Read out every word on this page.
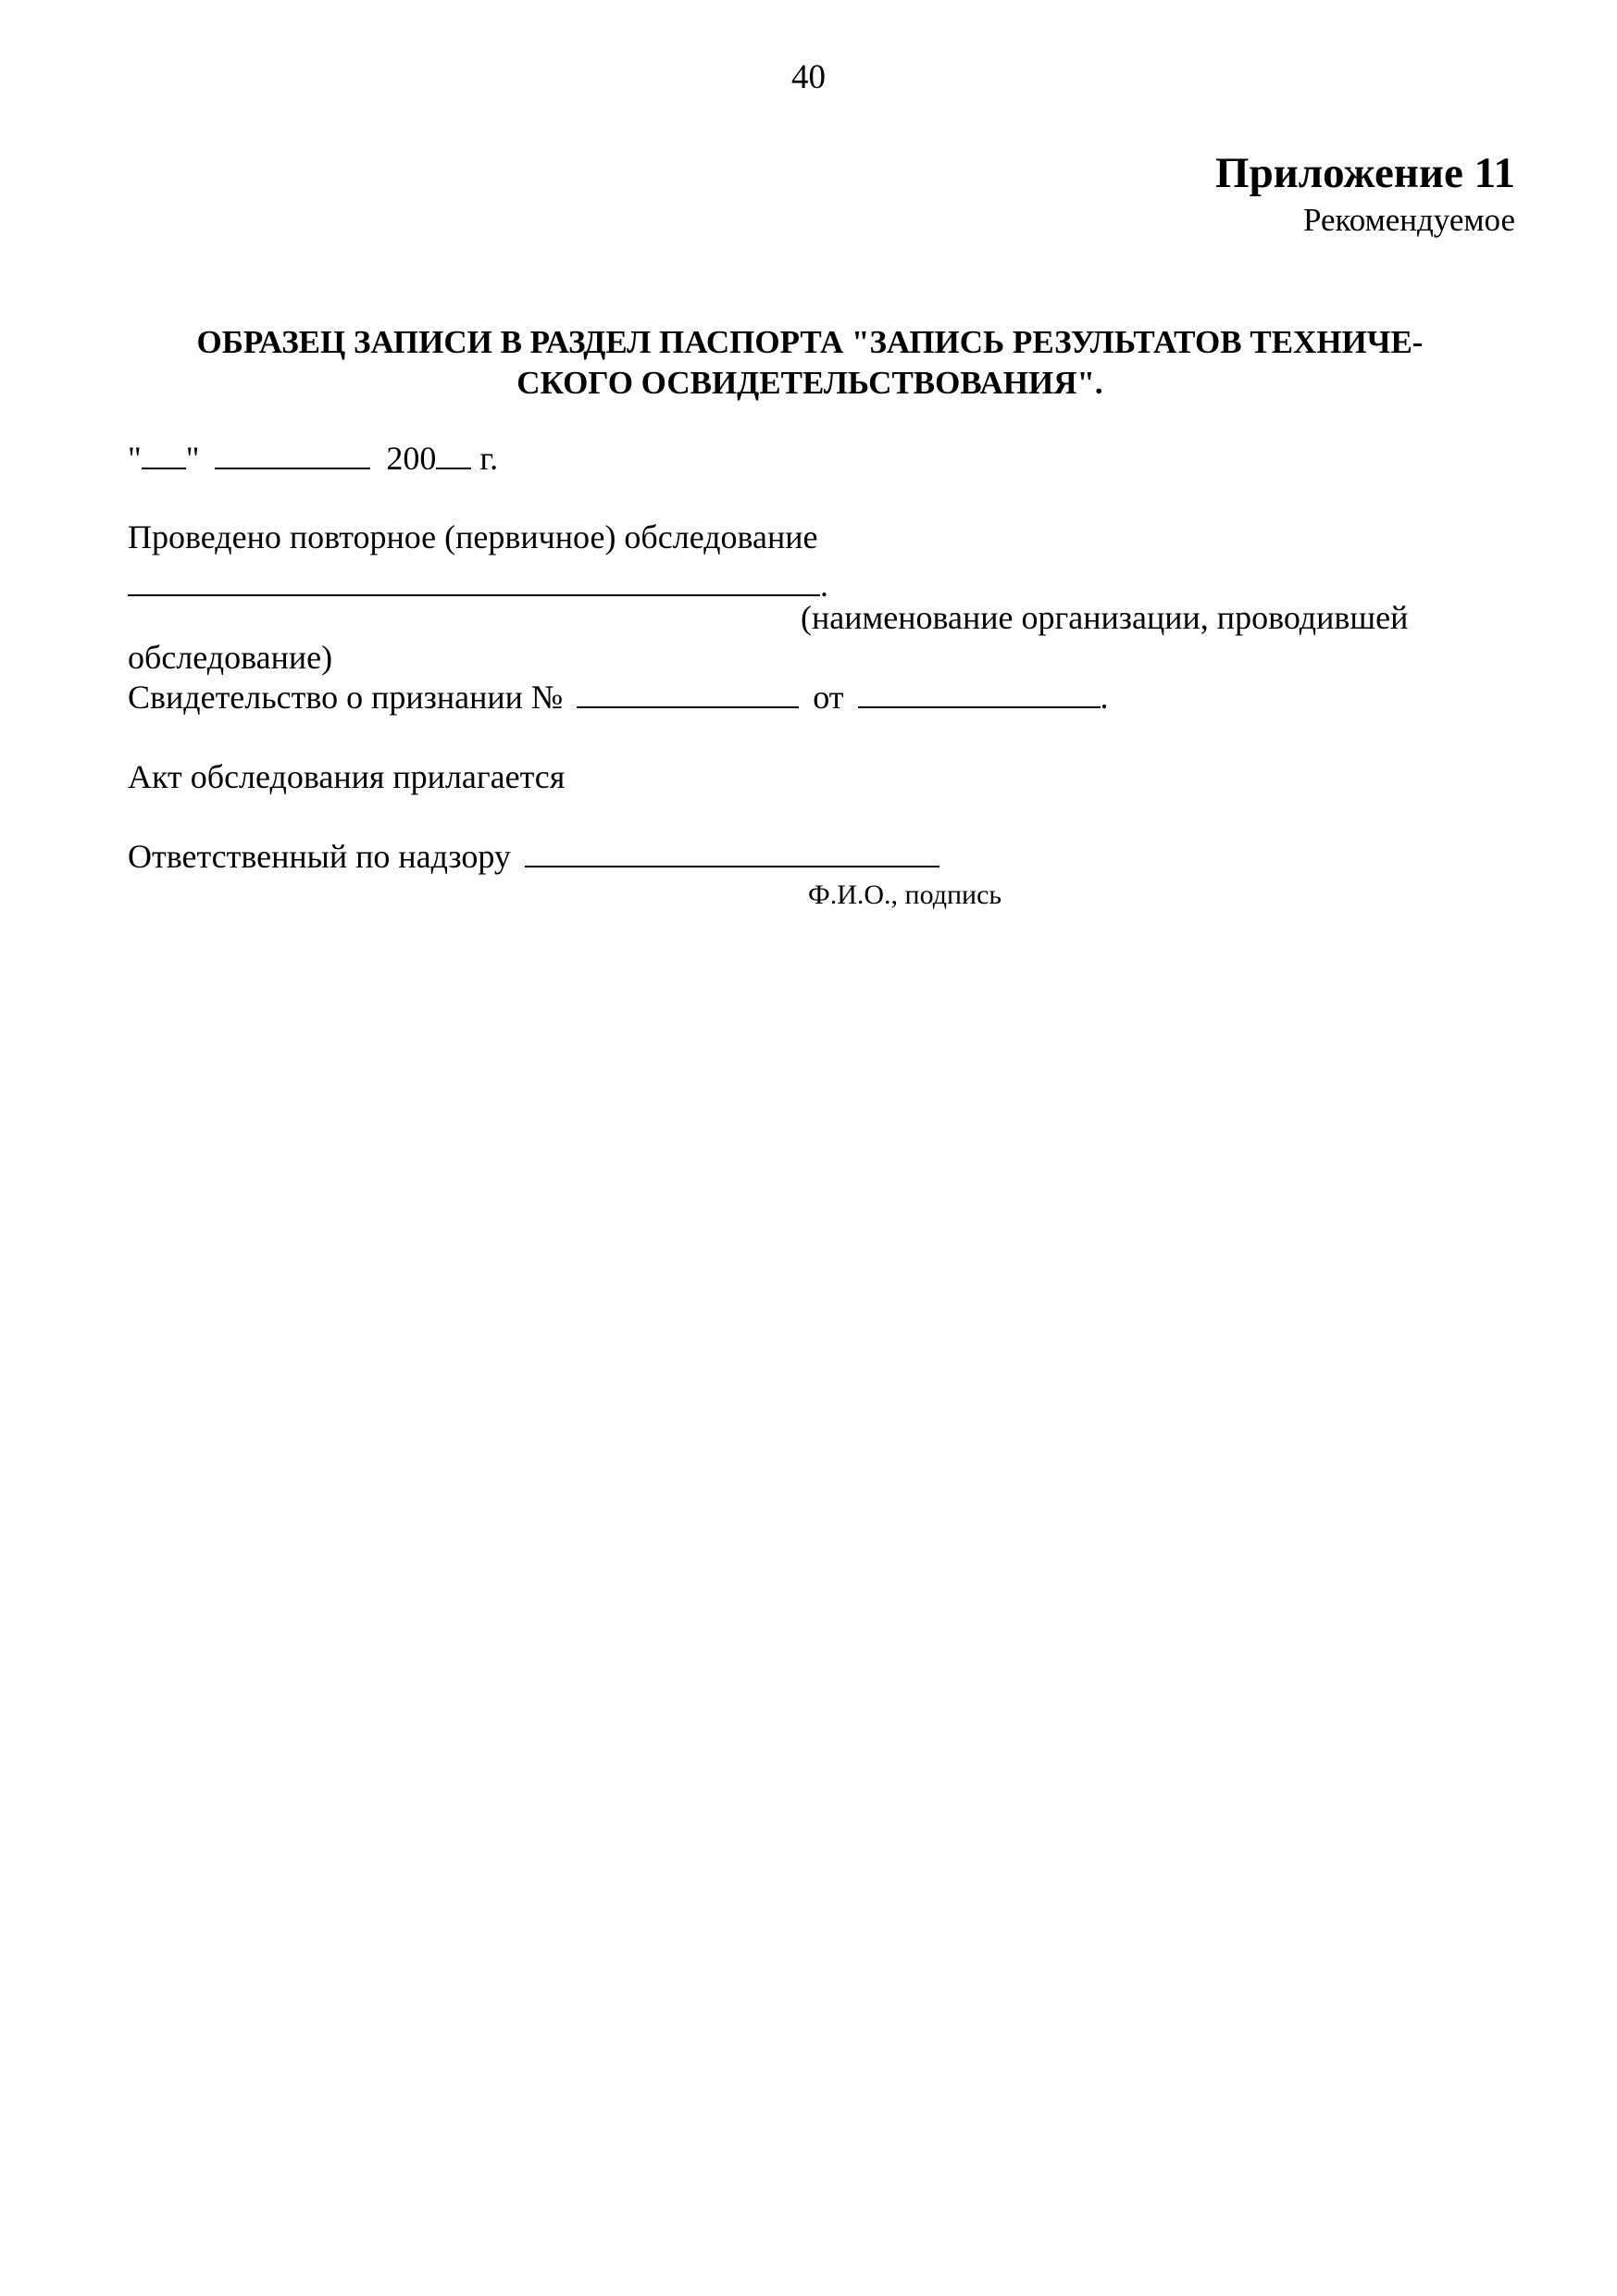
40
Приложение 11
Рекомендуемое
ОБРАЗЕЦ ЗАПИСИ В РАЗДЕЛ ПАСПОРТА "ЗАПИСЬ РЕЗУЛЬТАТОВ ТЕХНИЧЕ-
СКОГО ОСВИДЕТЕЛЬСТВОВАНИЯ".
" "	200 г.
Проведено повторное (первичное) обследование
.
(наименование организации, проводившей
обследование)
Свидетельство о признании №	от	.
Акт обследования прилагается
Ответственный по надзору
Ф.И.О., подпись
